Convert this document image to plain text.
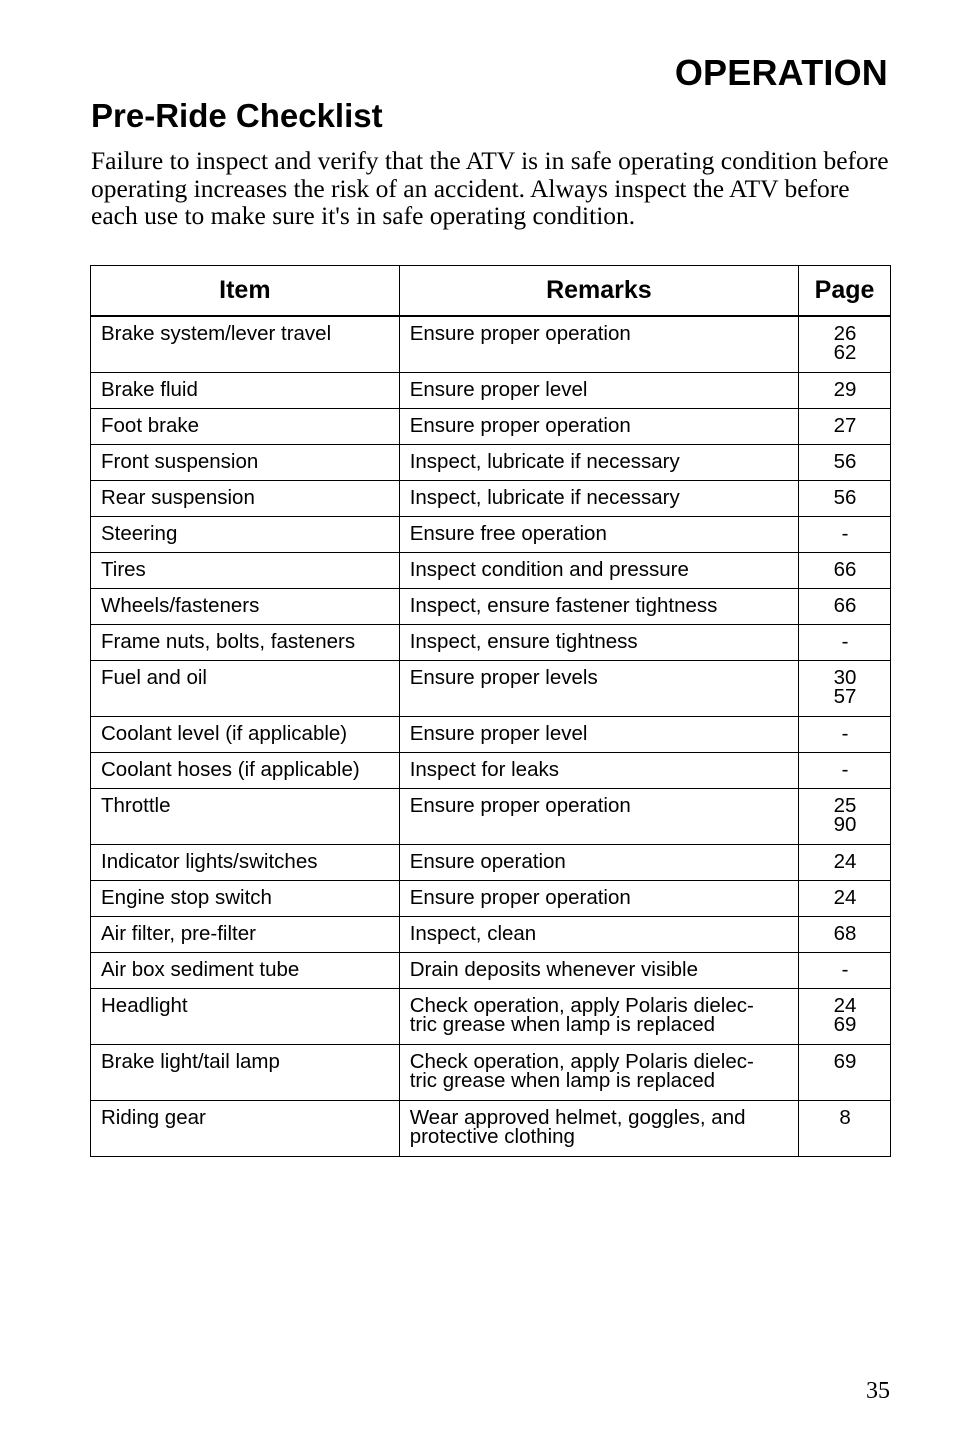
OPERATION
Pre-Ride Checklist

Failure to inspect and verify that the ATV is in safe operating condition before operating increases the risk of an accident. Always inspect the ATV before each use to make sure it's in safe operating condition.

Item	Remarks	Page
Brake system/lever travel	Ensure proper operation	26
62

Brake fluid	Ensure proper level	29

Foot brake	Ensure proper operation	27

Front suspension	Inspect, lubricate if necessary	56

Rear suspension	Inspect, lubricate if necessary	56

Steering	Ensure free operation	-

Tires	Inspect condition and pressure	66

Wheels/fasteners	Inspect, ensure fastener tightness	66

Frame nuts, bolts, fasteners	Inspect, ensure tightness	-

Fuel and oil	Ensure proper levels	30
57

Coolant level (if applicable)	Ensure proper level	-

Coolant hoses (if applicable)	Inspect for leaks	-

Throttle	Ensure proper operation	25
90

Indicator lights/switches	Ensure operation	24

Engine stop switch	Ensure proper operation	24

Air filter, pre-filter	Inspect, clean	68

Air box sediment tube	Drain deposits whenever visible	-

Headlight	Check operation, apply Polaris dielec-
tric grease when lamp is replaced	24
69

Brake light/tail lamp	Check operation, apply Polaris dielec-
tric grease when lamp is replaced	69

Riding gear	Wear approved helmet, goggles, and
protective clothing	8

35
